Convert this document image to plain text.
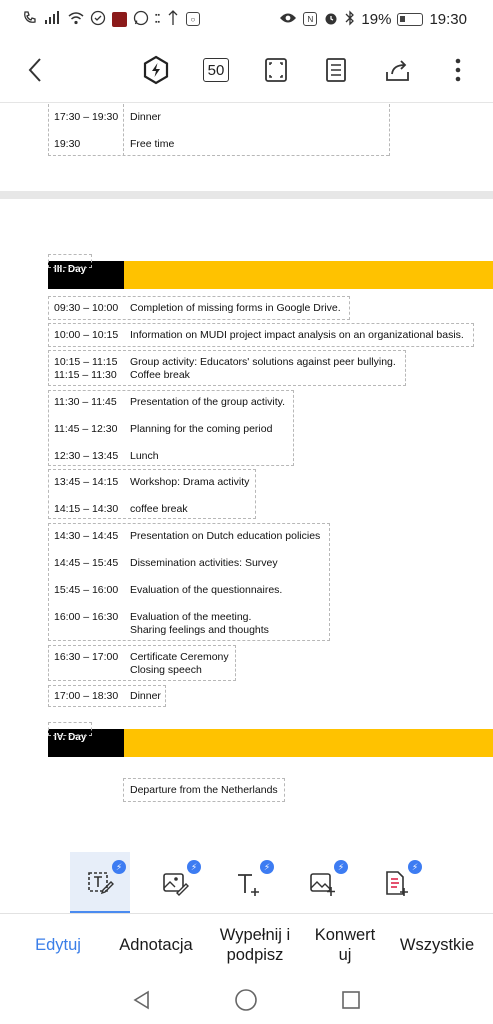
▪▪
▪▪	○	N	19%	19:30
50
17:30 – 19:30 Dinner
19:30	Free time
III. Day
09:30 – 10:00 Completion of missing forms in Google Drive.
10:00 – 10:15 Information on MUDI project impact analysis on an organizational basis.
10:15 – 11:15 Group activity: Educators' solutions against peer bullying.
11:15 – 11:30 Coffee break
11:30 – 11:45 Presentation of the group activity.
11:45 – 12:30 Planning for the coming period
12:30 – 13:45 Lunch
13:45 – 14:15 Workshop: Drama activity
14:15 – 14:30 coffee break
14:30 – 14:45 Presentation on Dutch education policies
14:45 – 15:45 Dissemination activities: Survey
15:45 – 16:00 Evaluation of the questionnaires.
16:00 – 16:30 Evaluation of the meeting.
Sharing feelings and thoughts
16:30 – 17:00 Certificate Ceremony
Closing speech
17:00 – 18:30 Dinner
IV. Day
Departure from the Netherlands
⚡	⚡	⚡	⚡	⚡
Edytuj Adnotacja
Wypełnij i
podpisz
Konwert
uj
Wszystkie
